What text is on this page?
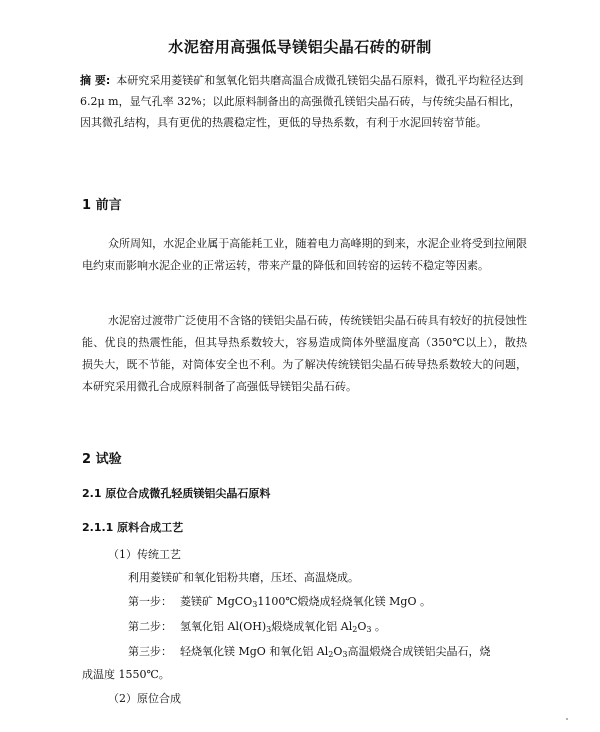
水泥窑用高强低导镁铝尖晶石砖的研制

摘 要: 本研究采用菱镁矿和氢氧化铝共磨高温合成微孔镁铝尖晶石原料，微孔平均粒径达到 6.2μ m，显气孔率 32%；以此原料制备出的高强微孔镁铝尖晶石砖，与传统尖晶石相比，因其微孔结构，具有更优的热震稳定性，更低的导热系数，有利于水泥回转窑节能。

1 前言

众所周知，水泥企业属于高能耗工业，随着电力高峰期的到来，水泥企业将受到拉闸限电约束而影响水泥企业的正常运转，带来产量的降低和回转窑的运转不稳定等因素。

水泥窑过渡带广泛使用不含铬的镁铝尖晶石砖，传统镁铝尖晶石砖具有较好的抗侵蚀性能、优良的热震性能，但其导热系数较大，容易造成筒体外壁温度高（350℃以上），散热损失大，既不节能，对筒体安全也不利。为了解决传统镁铝尖晶石砖导热系数较大的问题，本研究采用微孔合成原料制备了高强低导镁铝尖晶石砖。

2 试验
2.1 原位合成微孔轻质镁铝尖晶石原料
2.1.1 原料合成工艺
（1）传统工艺
利用菱镁矿和氧化铝粉共磨，压坯、高温烧成。
第一步： 菱镁矿 MgCO$_3$1100℃煅烧成轻烧氧化镁 MgO 。
第二步： 氢氧化铝 $Al(OH)_3$煅烧成氧化铝 $Al_2O_3$ 。
第三步： 轻烧氧化镁 MgO 和氧化铝 $Al_2O_3$高温煅烧合成镁铝尖晶石，烧
成温度 1550℃。
（2）原位合成
